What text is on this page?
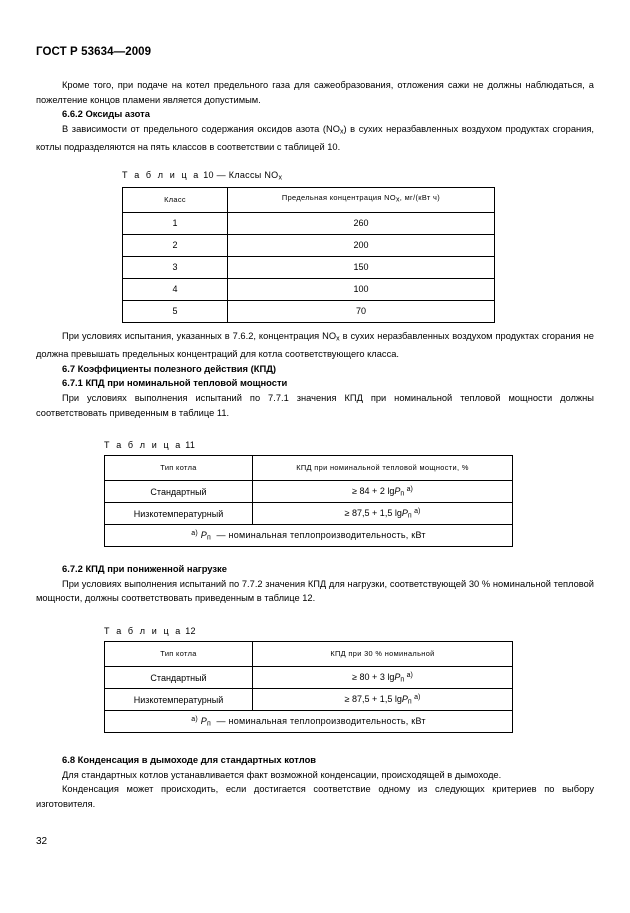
ГОСТ Р 53634—2009

Кроме того, при подаче на котел предельного газа для сажеобразования, отложения сажи не должны наблюдаться, а пожелтение концов пламени является допустимым.

6.6.2 Оксиды азота

В зависимости от предельного содержания оксидов азота $(NO_x)$ в сухих неразбавленных воздухом продуктах сгорания, котлы подразделяются на пять классов в соответствии с таблицей 10.

Т а б л и ц а 10 — Классы $NO_x$
Класс	Предельная концентрация $NO_x$, мг/(кВт ч)
1	260
2	200
3	150
4	100
5	70

При условиях испытания, указанных в 7.6.2, концентрация $NO_x$ в сухих неразбавленных воздухом продуктах сгорания не должна превышать предельных концентраций для котла соответствующего класса.

6.7 Коэффициенты полезного действия (КПД)

6.7.1 КПД при номинальной тепловой мощности

При условиях выполнения испытаний по 7.7.1 значения КПД при номинальной тепловой мощности должны соответствовать приведенным в таблице 11.

Т а б л и ц а 11
Тип котла	КПД при номинальной тепловой мощности, %
Стандартный	≥ 84 + 2 lgP$_п$ $^{а)}$
Низкотемпературный	≥ 87,5 + 1,5 lgP$_п$ $^{а)}$
$^{а)}$ $P_п$ — номинальная теплопроизводительность, кВт	

6.7.2 КПД при пониженной нагрузке

При условиях выполнения испытаний по 7.7.2 значения КПД для нагрузки, соответствующей 30 % номинальной тепловой мощности, должны соответствовать приведенным в таблице 12.

Т а б л и ц а 12
Тип котла	КПД при 30 % номинальной
Стандартный	≥ 80 + 3 lgP$_п$ $^{а)}$
Низкотемпературный	≥ 87,5 + 1,5 lgP$_п$ $^{а)}$
$^{а)}$ $P_п$ — номинальная теплопроизводительность, кВт	

6.8 Конденсация в дымоходе для стандартных котлов

Для стандартных котлов устанавливается факт возможной конденсации, происходящей в дымоходе.

Конденсация может происходить, если достигается соответствие одному из следующих критериев по выбору изготовителя.

32
